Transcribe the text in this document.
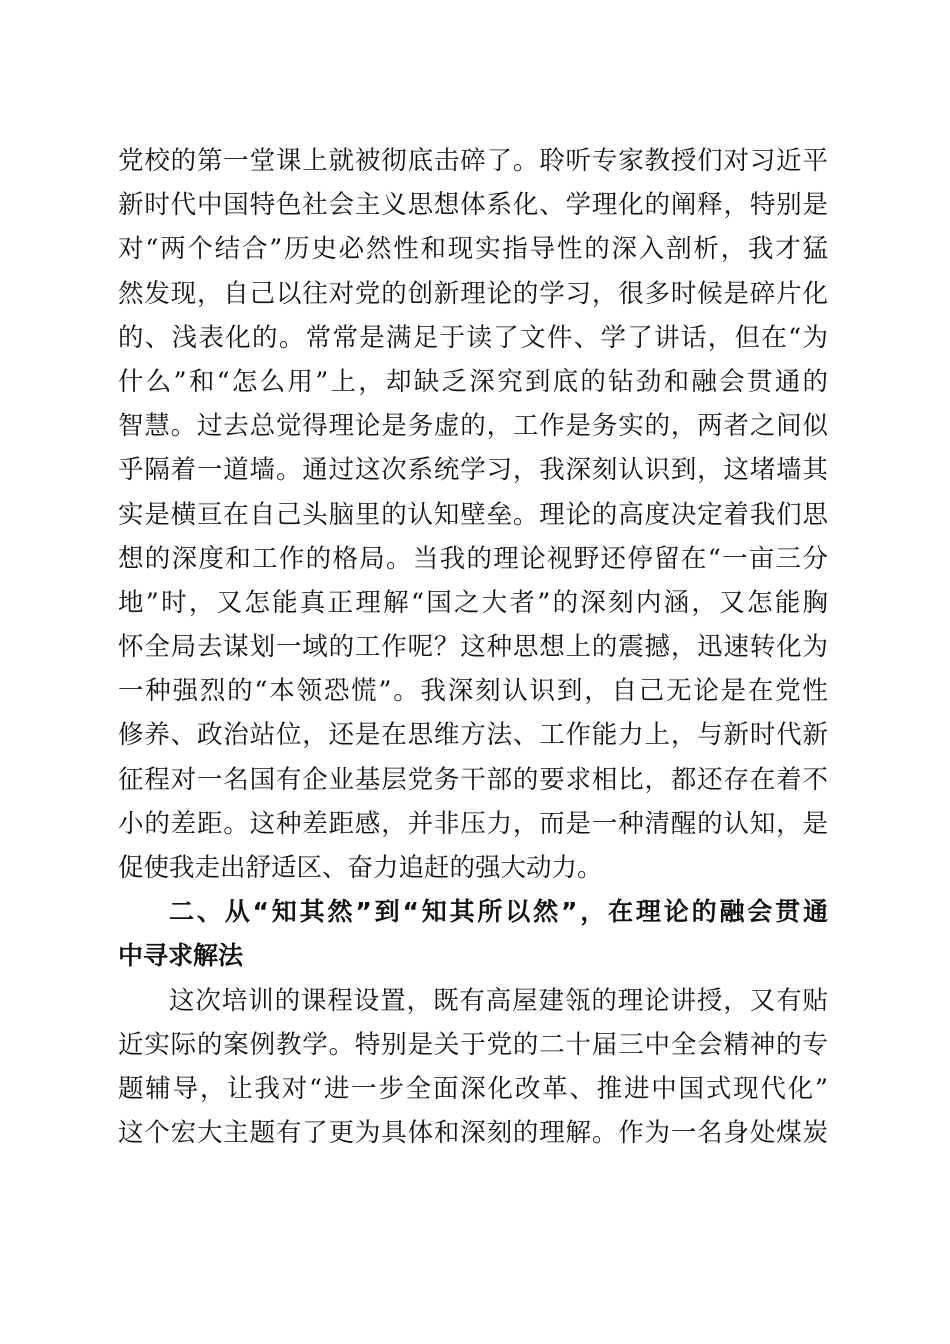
党校的第一堂课上就被彻底击碎了。聆听专家教授们对习近平
新时代中国特色社会主义思想体系化、学理化的阐释，特别是
对“两个结合”历史必然性和现实指导性的深入剖析，我才猛
然发现，自己以往对党的创新理论的学习，很多时候是碎片化
的、浅表化的。常常是满足于读了文件、学了讲话，但在“为
什么”和“怎么用”上，却缺乏深究到底的钻劲和融会贯通的
智慧。过去总觉得理论是务虚的，工作是务实的，两者之间似
乎隔着一道墙。通过这次系统学习，我深刻认识到，这堵墙其
实是横亘在自己头脑里的认知壁垒。理论的高度决定着我们思
想的深度和工作的格局。当我的理论视野还停留在“一亩三分
地”时，又怎能真正理解“国之大者”的深刻内涵，又怎能胸
怀全局去谋划一域的工作呢？这种思想上的震撼，迅速转化为
一种强烈的“本领恐慌”。我深刻认识到，自己无论是在党性
修养、政治站位，还是在思维方法、工作能力上，与新时代新
征程对一名国有企业基层党务干部的要求相比，都还存在着不
小的差距。这种差距感，并非压力，而是一种清醒的认知，是
促使我走出舒适区、奋力追赶的强大动力。
二、从“知其然”到“知其所以然”，在理论的融会贯通
中寻求解法
这次培训的课程设置，既有高屋建瓴的理论讲授，又有贴
近实际的案例教学。特别是关于党的二十届三中全会精神的专
题辅导，让我对“进一步全面深化改革、推进中国式现代化”
这个宏大主题有了更为具体和深刻的理解。作为一名身处煤炭
